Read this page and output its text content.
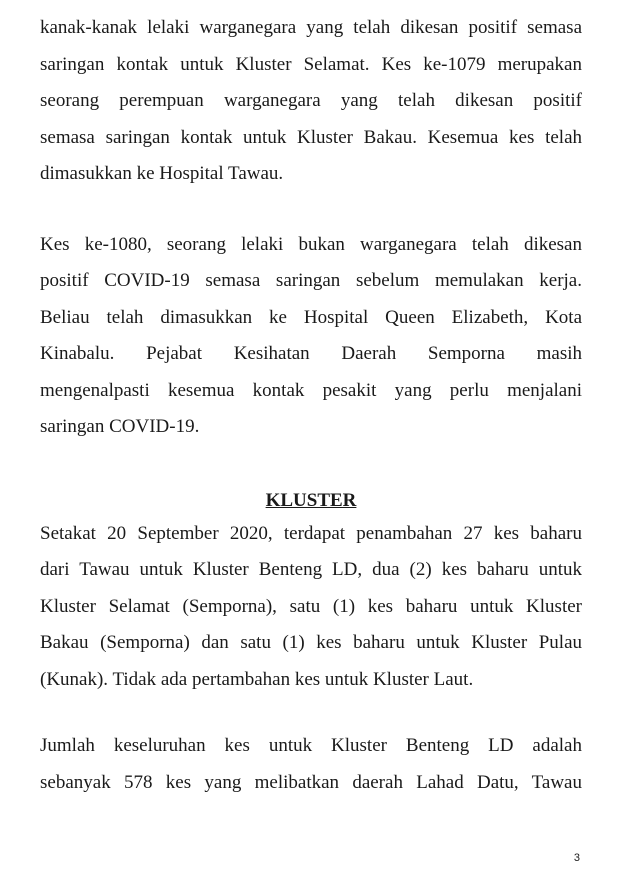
kanak-kanak lelaki warganegara yang telah dikesan positif semasa

saringan kontak untuk Kluster Selamat. Kes ke-1079 merupakan

seorang perempuan warganegara yang telah dikesan positif

semasa saringan kontak untuk Kluster Bakau. Kesemua kes telah

dimasukkan ke Hospital Tawau.

Kes ke-1080, seorang lelaki bukan warganegara telah dikesan

positif COVID-19 semasa saringan sebelum memulakan kerja.

Beliau telah dimasukkan ke Hospital Queen Elizabeth, Kota

Kinabalu. Pejabat Kesihatan Daerah Semporna masih

mengenalpasti kesemua kontak pesakit yang perlu menjalani

saringan COVID-19.

KLUSTER

Setakat 20 September 2020, terdapat penambahan 27 kes baharu

dari Tawau untuk Kluster Benteng LD, dua (2) kes baharu untuk

Kluster Selamat (Semporna), satu (1) kes baharu untuk Kluster

Bakau (Semporna) dan satu (1) kes baharu untuk Kluster Pulau

(Kunak). Tidak ada pertambahan kes untuk Kluster Laut.

Jumlah keseluruhan kes untuk Kluster Benteng LD adalah

sebanyak 578 kes yang melibatkan daerah Lahad Datu, Tawau

3
